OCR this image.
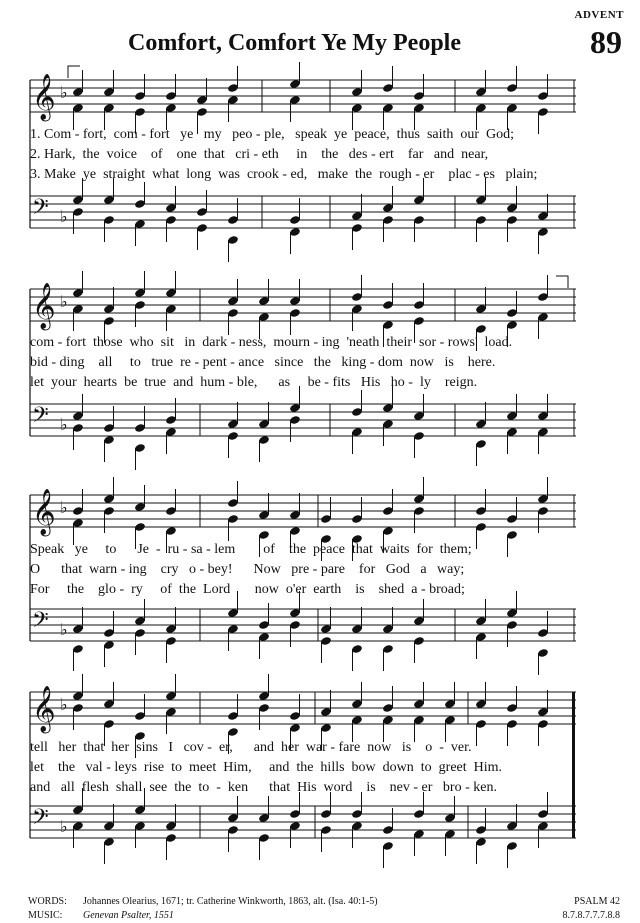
ADVENT
Comfort, Comfort Ye My People	89
𝄞 ♭
𝄢 ♭
𝄞 ♭
𝄢 ♭
𝄞 ♭
𝄢 ♭
𝄞 ♭
𝄢 ♭
1. Com - fort,  com - fort   ye   my   peo - ple,   speak  ye  peace,  thus  saith  our  God;
2. Hark,  the  voice    of    one  that   cri - eth     in    the   des - ert    far   and  near,
3. Make  ye  straight  what  long  was  crook - ed,   make  the  rough - er    plac - es   plain;
com - fort  those  who  sit   in  dark - ness,  mourn - ing  'neath  their  sor - rows'  load.
bid - ding    all     to   true  re - pent - ance   since   the   king - dom  now   is    here.
let  your  hearts  be  true  and  hum - ble,      as     be - fits   His   ho -  ly    reign.
Speak   ye     to      Je  -  ru - sa - lem        of    the  peace  that  waits  for  them;
O      that  warn - ing    cry   o - bey!      Now   pre - pare    for   God   a   way;
For     the    glo -  ry     of  the  Lord       now  o'er  earth    is    shed  a - broad;
tell   her  that  her  sins   I   cov -  er,      and  her  war - fare  now   is    o  -  ver.
let    the   val - leys  rise  to  meet  Him,     and  the  hills  bow  down  to  greet  Him.
and   all  flesh  shall  see  the  to  -  ken      that  His  word    is    nev - er   bro - ken.
WORDS: Johannes Olearius, 1671; tr. Catherine Winkworth, 1863, alt. (Isa. 40:1-5)
MUSIC: Genevan Psalter, 1551
PSALM 42
8.7.8.7.7.7.8.8
